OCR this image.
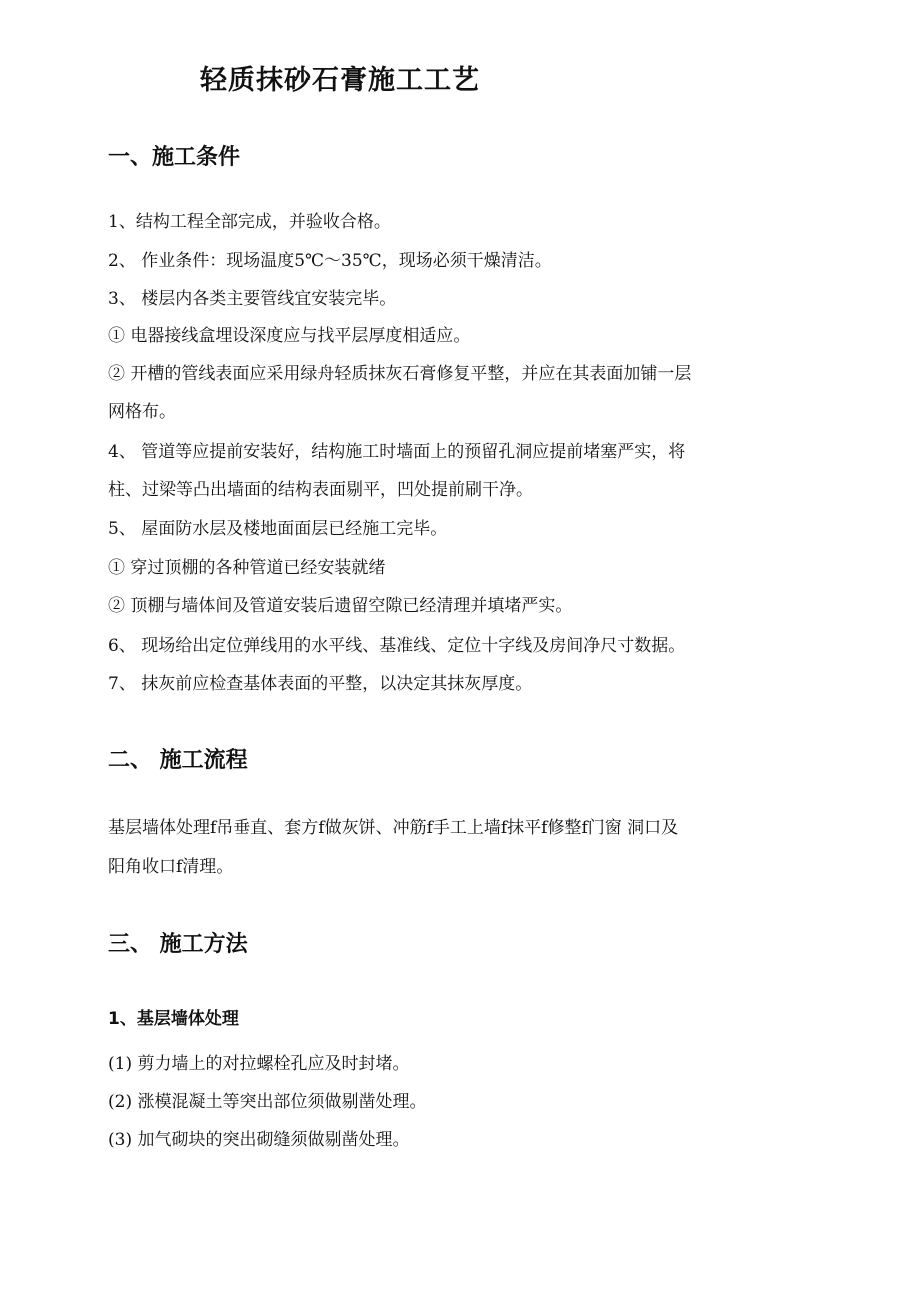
轻质抹砂石膏施工工艺
一、施工条件
1、结构工程全部完成，并验收合格。
2、 作业条件：现场温度5℃～35℃，现场必须干燥清洁。
3、 楼层内各类主要管线宜安装完毕。
① 电器接线盒埋设深度应与找平层厚度相适应。
② 开槽的管线表面应采用绿舟轻质抹灰石膏修复平整，并应在其表面加铺一层
网格布。
4、 管道等应提前安装好，结构施工时墙面上的预留孔洞应提前堵塞严实，将
柱、过梁等凸出墙面的结构表面剔平，凹处提前刷干净。
5、 屋面防水层及楼地面面层已经施工完毕。
① 穿过顶棚的各种管道已经安装就绪
② 顶棚与墙体间及管道安装后遗留空隙已经清理并填堵严实。
6、 现场给出定位弹线用的水平线、基准线、定位十字线及房间净尺寸数据。
7、 抹灰前应检查基体表面的平整，以决定其抹灰厚度。
二、 施工流程
基层墙体处理f吊垂直、套方f做灰饼、冲筋f手工上墙f抹平f修整f门窗 洞口及
阳角收口f清理。
三、 施工方法
1、基层墙体处理
(1) 剪力墙上的对拉螺栓孔应及时封堵。
(2) 涨模混凝土等突出部位须做剔凿处理。
(3) 加气砌块的突出砌缝须做剔凿处理。
